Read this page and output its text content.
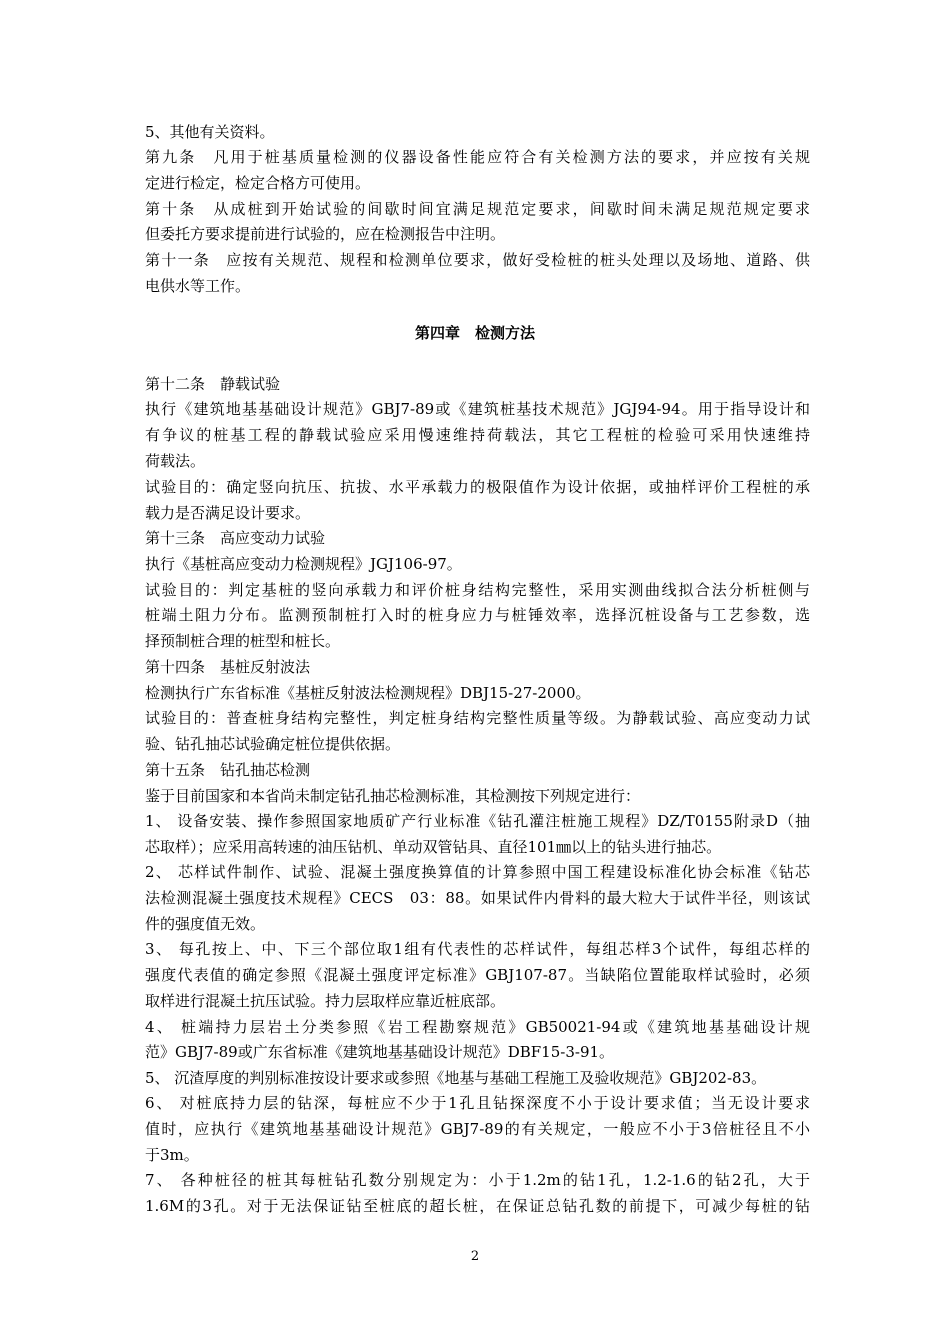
5、其他有关资料。
第九条　凡用于桩基质量检测的仪器设备性能应符合有关检测方法的要求，并应按有关规
定进行检定，检定合格方可使用。
第十条　从成桩到开始试验的间歇时间宜满足规范定要求，间歇时间未满足规范规定要求
但委托方要求提前进行试验的，应在检测报告中注明。
第十一条　应按有关规范、规程和检测单位要求，做好受检桩的桩头处理以及场地、道路、供
电供水等工作。
第十二条　静载试验
执行《建筑地基基础设计规范》GBJ7-89或《建筑桩基技术规范》JGJ94-94。用于指导设计和
有争议的桩基工程的静载试验应采用慢速维持荷载法，其它工程桩的检验可采用快速维持
荷载法。
试验目的：确定竖向抗压、抗拔、水平承载力的极限值作为设计依据，或抽样评价工程桩的承
载力是否满足设计要求。
第十三条　高应变动力试验
执行《基桩高应变动力检测规程》JGJ106-97。
试验目的：判定基桩的竖向承载力和评价桩身结构完整性，采用实测曲线拟合法分析桩侧与
桩端土阻力分布。监测预制桩打入时的桩身应力与桩锤效率，选择沉桩设备与工艺参数，选
择预制桩合理的桩型和桩长。
第十四条　基桩反射波法
检测执行广东省标准《基桩反射波法检测规程》DBJ15-27-2000。
试验目的：普查桩身结构完整性，判定桩身结构完整性质量等级。为静载试验、高应变动力试
验、钻孔抽芯试验确定桩位提供依据。
第十五条　钻孔抽芯检测
鉴于目前国家和本省尚未制定钻孔抽芯检测标准，其检测按下列规定进行：
1、 设备安装、操作参照国家地质矿产行业标准《钻孔灌注桩施工规程》DZ/T0155附录D（抽
芯取样）；应采用高转速的油压钻机、单动双管钻具、直径101㎜以上的钻头进行抽芯。
2、 芯样试件制作、试验、混凝土强度换算值的计算参照中国工程建设标准化协会标准《钻芯
法检测混凝土强度技术规程》CECS　03：88。如果试件内骨料的最大粒大于试件半径，则该试
件的强度值无效。
3、 每孔按上、中、下三个部位取1组有代表性的芯样试件，每组芯样3个试件，每组芯样的
强度代表值的确定参照《混凝土强度评定标准》GBJ107-87。当缺陷位置能取样试验时，必须
取样进行混凝土抗压试验。持力层取样应靠近桩底部。
4、 桩端持力层岩土分类参照《岩工程勘察规范》GB50021-94或《建筑地基基础设计规
范》GBJ7-89或广东省标准《建筑地基基础设计规范》DBF15-3-91。
5、 沉渣厚度的判别标准按设计要求或参照《地基与基础工程施工及验收规范》GBJ202-83。
6、 对桩底持力层的钻深，每桩应不少于1孔且钻探深度不小于设计要求值；当无设计要求
值时，应执行《建筑地基基础设计规范》GBJ7-89的有关规定，一般应不小于3倍桩径且不小
于3m。
7、 各种桩径的桩其每桩钻孔数分别规定为：小于1.2m的钻1孔，1.2-1.6的钻2孔，大于
1.6M的3孔。对于无法保证钻至桩底的超长桩，在保证总钻孔数的前提下，可减少每桩的钻
第四章　检测方法
2
